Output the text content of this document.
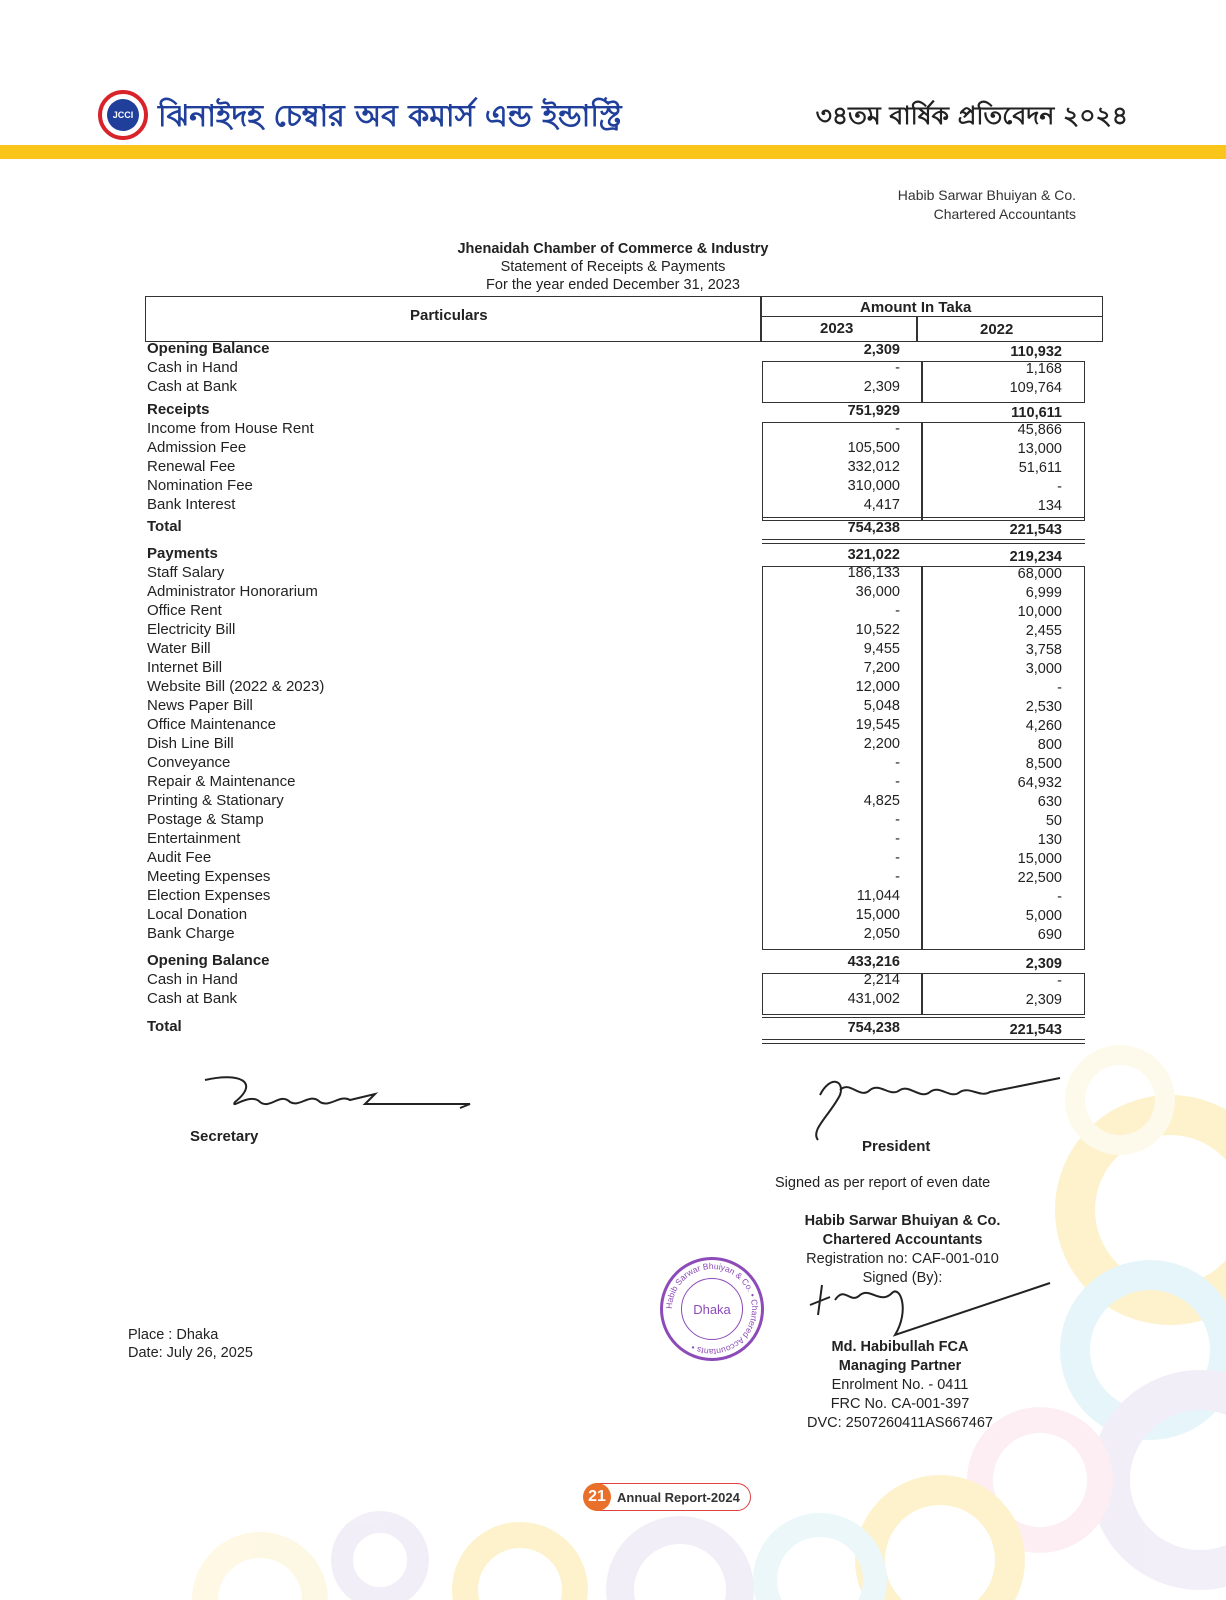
JCCI ঝিনাইদহ চেম্বার অব কমার্স এন্ড ইন্ডাস্ট্রি	৩৪তম বার্ষিক প্রতিবেদন ২০২৪
Habib Sarwar Bhuiyan & Co.
Chartered Accountants
Jhenaidah Chamber of Commerce & Industry
Statement of Receipts & Payments
For the year ended December 31, 2023
Particulars	Amount In Taka
2023	2022
Opening Balance	2,309	110,932
Cash in Hand	-	1,168
Cash at Bank	2,309	109,764
Receipts	751,929	110,611
Income from House Rent	-	45,866
Admission Fee	105,500	13,000
Renewal Fee	332,012	51,611
Nomination Fee	310,000	-
Bank Interest	4,417	134
Total	754,238	221,543
Payments	321,022	219,234
Staff Salary	186,133	68,000
Administrator Honorarium	36,000	6,999
Office Rent	-	10,000
Electricity Bill	10,522	2,455
Water Bill	9,455	3,758
Internet Bill	7,200	3,000
Website Bill (2022 & 2023)	12,000	-
News Paper Bill	5,048	2,530
Office Maintenance	19,545	4,260
Dish Line Bill	2,200	800
Conveyance	-	8,500
Repair & Maintenance	-	64,932
Printing & Stationary	4,825	630
Postage & Stamp	-	50
Entertainment	-	130
Audit Fee	-	15,000
Meeting Expenses	-	22,500
Election Expenses	11,044	-
Local Donation	15,000	5,000
Bank Charge	2,050	690
Opening Balance	433,216	2,309
Cash in Hand	2,214	-
Cash at Bank	431,002	2,309
Total	754,238	221,543
Secretary
President
Signed as per report of even date
Habib Sarwar Bhuiyan & Co.
Chartered Accountants
Registration no: CAF-001-010
Signed (By):
Md. Habibullah FCA
Managing Partner
Enrolment No. - 0411
FRC No. CA-001-397
DVC: 2507260411AS667467
Dhaka
Habib Sarwar Bhuiyan & Co. • Chartered Accountants •
Place : Dhaka
Date: July 26, 2025
21 Annual Report-2024
